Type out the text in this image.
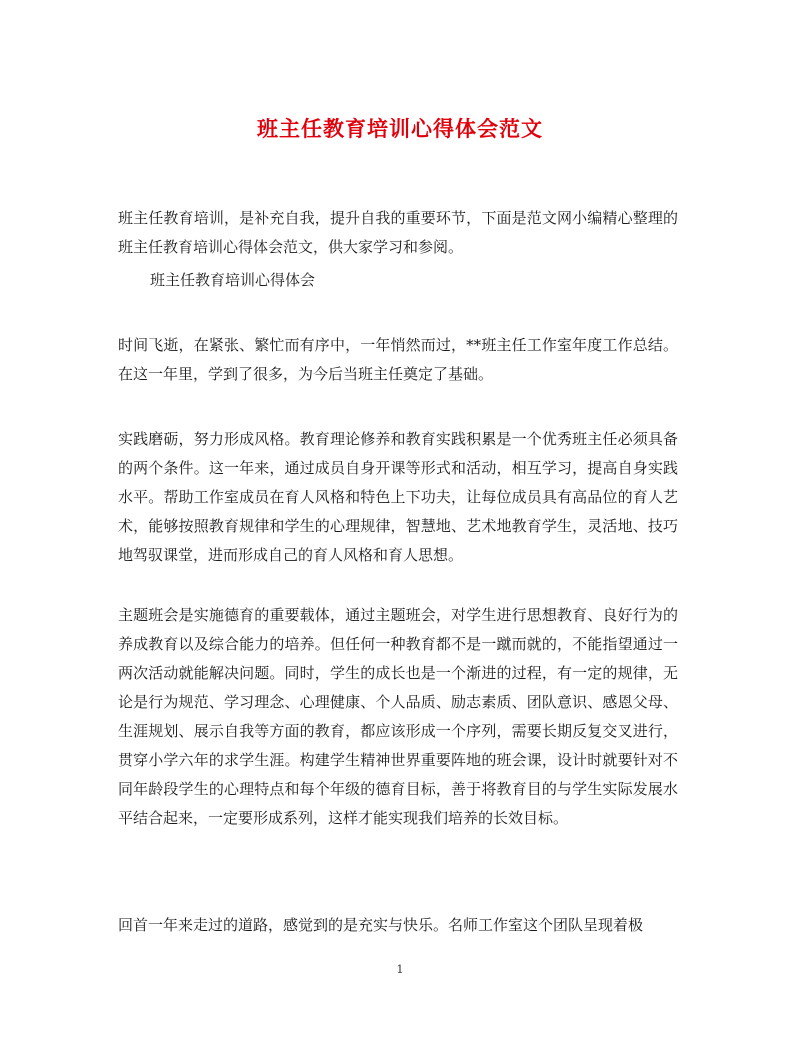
班主任教育培训心得体会范文

班主任教育培训，是补充自我，提升自我的重要环节，下面是范文网小编精心整理的班主任教育培训心得体会范文，供大家学习和参阅。

班主任教育培训心得体会

时间飞逝，在紧张、繁忙而有序中，一年悄然而过，**班主任工作室年度工作总结。在这一年里，学到了很多，为今后当班主任奠定了基础。

实践磨砺，努力形成风格。教育理论修养和教育实践积累是一个优秀班主任必须具备的两个条件。这一年来，通过成员自身开课等形式和活动，相互学习，提高自身实践水平。帮助工作室成员在育人风格和特色上下功夫，让每位成员具有高品位的育人艺术，能够按照教育规律和学生的心理规律，智慧地、艺术地教育学生，灵活地、技巧地驾驭课堂，进而形成自己的育人风格和育人思想。

主题班会是实施德育的重要载体，通过主题班会，对学生进行思想教育、良好行为的养成教育以及综合能力的培养。但任何一种教育都不是一蹴而就的，不能指望通过一两次活动就能解决问题。同时，学生的成长也是一个渐进的过程，有一定的规律，无论是行为规范、学习理念、心理健康、个人品质、励志素质、团队意识、感恩父母、生涯规划、展示自我等方面的教育，都应该形成一个序列，需要长期反复交叉进行，贯穿小学六年的求学生涯。构建学生精神世界重要阵地的班会课，设计时就要针对不同年龄段学生的心理特点和每个年级的德育目标，善于将教育目的与学生实际发展水平结合起来，一定要形成系列，这样才能实现我们培养的长效目标。

回首一年来走过的道路，感觉到的是充实与快乐。名师工作室这个团队呈现着极

1
